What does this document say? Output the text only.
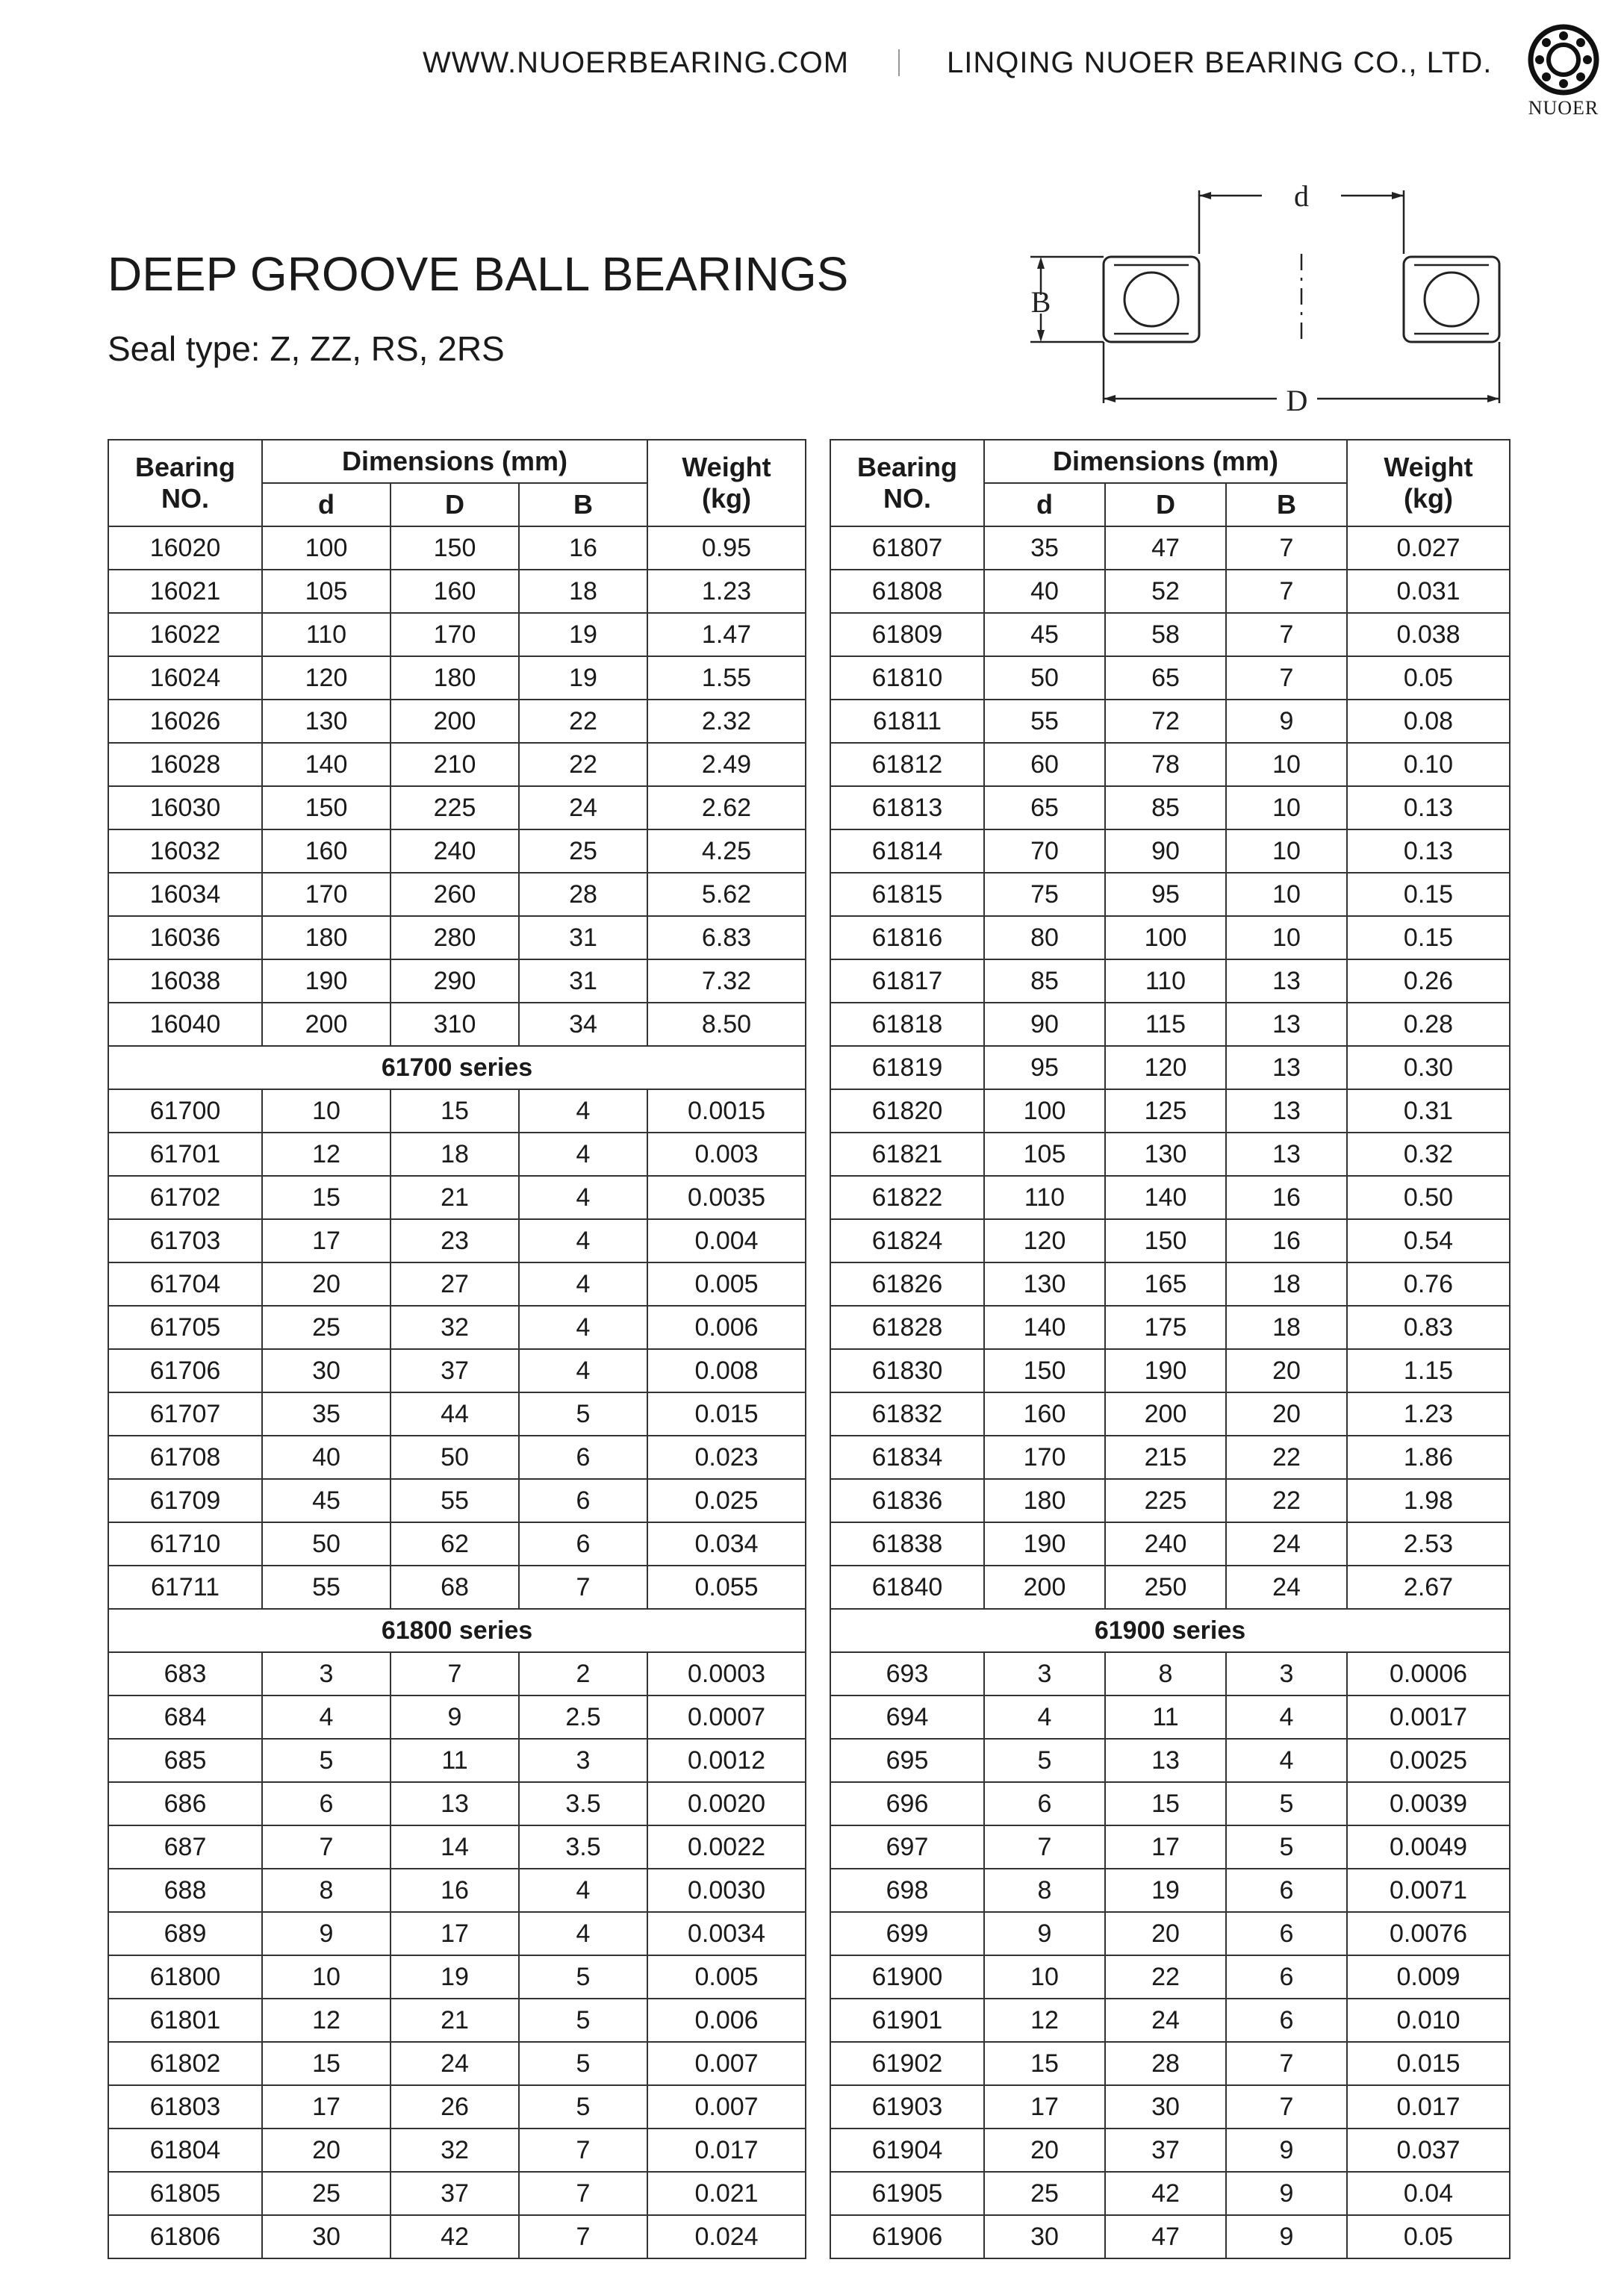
WWW.NUOERBEARING.COM	LINQING NUOER BEARING CO., LTD.
NUOER
DEEP GROOVE BALL BEARINGS
Seal type: Z, ZZ, RS, 2RS
d
B
D
Bearing
NO.	Dimensions (mm)			Weight
(kg)
	d	D	B	
16020	100	150	16	0.95
16021	105	160	18	1.23
16022	110	170	19	1.47
16024	120	180	19	1.55
16026	130	200	22	2.32
16028	140	210	22	2.49
16030	150	225	24	2.62
16032	160	240	25	4.25
16034	170	260	28	5.62
16036	180	280	31	6.83
16038	190	290	31	7.32
16040	200	310	34	8.50
61700 series				
61700	10	15	4	0.0015
61701	12	18	4	0.003
61702	15	21	4	0.0035
61703	17	23	4	0.004
61704	20	27	4	0.005
61705	25	32	4	0.006
61706	30	37	4	0.008
61707	35	44	5	0.015
61708	40	50	6	0.023
61709	45	55	6	0.025
61710	50	62	6	0.034
61711	55	68	7	0.055
61800 series				
683	3	7	2	0.0003
684	4	9	2.5	0.0007
685	5	11	3	0.0012
686	6	13	3.5	0.0020
687	7	14	3.5	0.0022
688	8	16	4	0.0030
689	9	17	4	0.0034
61800	10	19	5	0.005
61801	12	21	5	0.006
61802	15	24	5	0.007
61803	17	26	5	0.007
61804	20	32	7	0.017
61805	25	37	7	0.021
61806	30	42	7	0.024
Bearing
NO.	Dimensions (mm)			Weight
(kg)
	d	D	B	
61807	35	47	7	0.027
61808	40	52	7	0.031
61809	45	58	7	0.038
61810	50	65	7	0.05
61811	55	72	9	0.08
61812	60	78	10	0.10
61813	65	85	10	0.13
61814	70	90	10	0.13
61815	75	95	10	0.15
61816	80	100	10	0.15
61817	85	110	13	0.26
61818	90	115	13	0.28
61819	95	120	13	0.30
61820	100	125	13	0.31
61821	105	130	13	0.32
61822	110	140	16	0.50
61824	120	150	16	0.54
61826	130	165	18	0.76
61828	140	175	18	0.83
61830	150	190	20	1.15
61832	160	200	20	1.23
61834	170	215	22	1.86
61836	180	225	22	1.98
61838	190	240	24	2.53
61840	200	250	24	2.67
61900 series				
693	3	8	3	0.0006
694	4	11	4	0.0017
695	5	13	4	0.0025
696	6	15	5	0.0039
697	7	17	5	0.0049
698	8	19	6	0.0071
699	9	20	6	0.0076
61900	10	22	6	0.009
61901	12	24	6	0.010
61902	15	28	7	0.015
61903	17	30	7	0.017
61904	20	37	9	0.037
61905	25	42	9	0.04
61906	30	47	9	0.05
